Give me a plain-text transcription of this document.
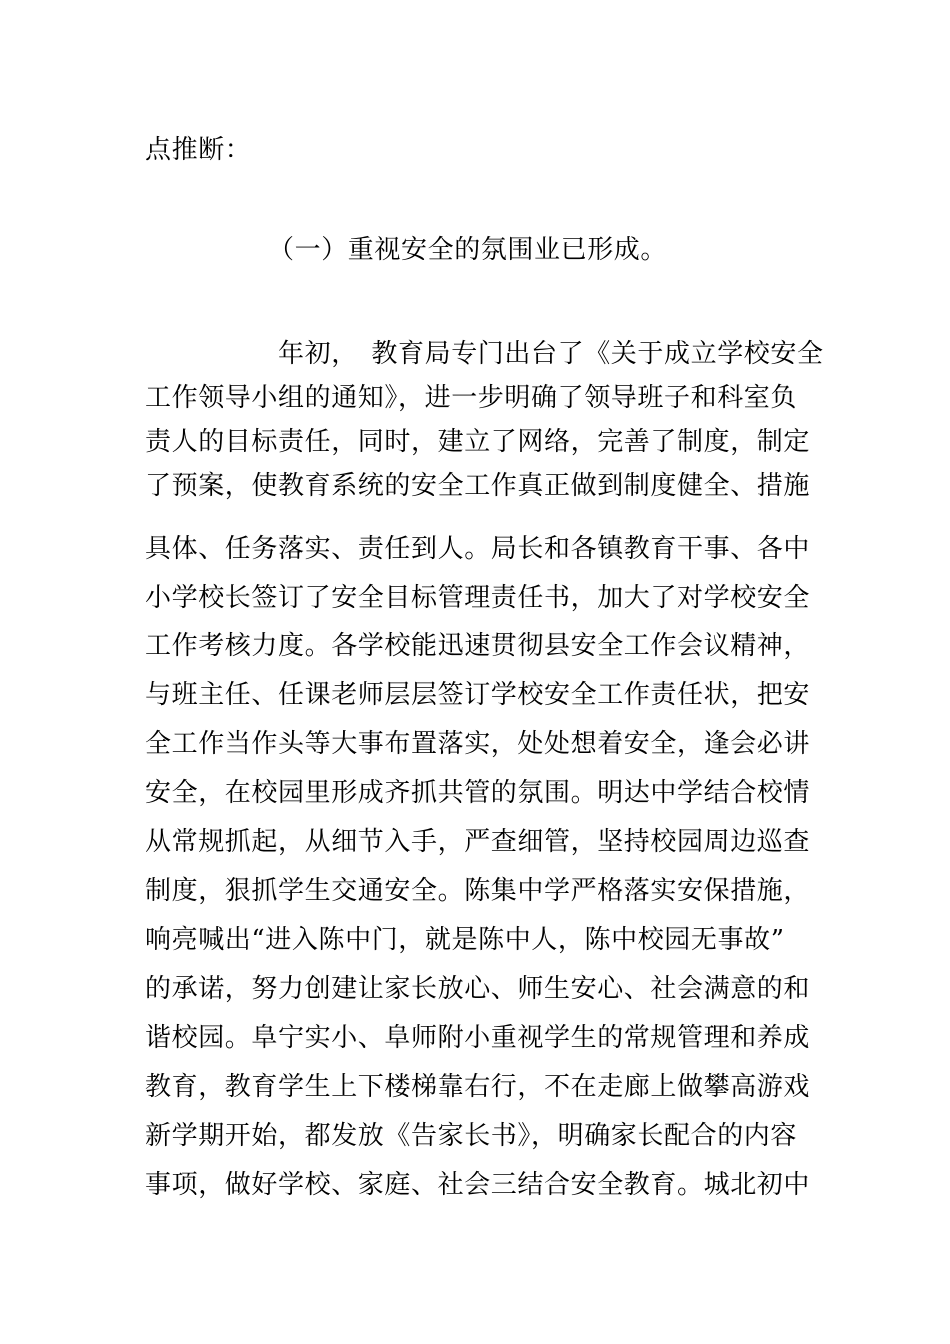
点推断：
（一）重视安全的氛围业已形成。
　　　　　年初，　教育局专门出台了《关于成立学校安全
工作领导小组的通知》，进一步明确了领导班子和科室负
责人的目标责任，同时，建立了网络，完善了制度，制定
了预案，使教育系统的安全工作真正做到制度健全、措施
具体、任务落实、责任到人。局长和各镇教育干事、各中
小学校长签订了安全目标管理责任书，加大了对学校安全
工作考核力度。各学校能迅速贯彻县安全工作会议精神，
与班主任、任课老师层层签订学校安全工作责任状，把安
全工作当作头等大事布置落实，处处想着安全，逢会必讲
安全，在校园里形成齐抓共管的氛围。明达中学结合校情
从常规抓起，从细节入手，严查细管，坚持校园周边巡查
制度，狠抓学生交通安全。陈集中学严格落实安保措施，
响亮喊出“进入陈中门，就是陈中人，陈中校园无事故”
的承诺，努力创建让家长放心、师生安心、社会满意的和
谐校园。阜宁实小、阜师附小重视学生的常规管理和养成
教育，教育学生上下楼梯靠右行，不在走廊上做攀高游戏
新学期开始，都发放《告家长书》，明确家长配合的内容
事项，做好学校、家庭、社会三结合安全教育。城北初中
